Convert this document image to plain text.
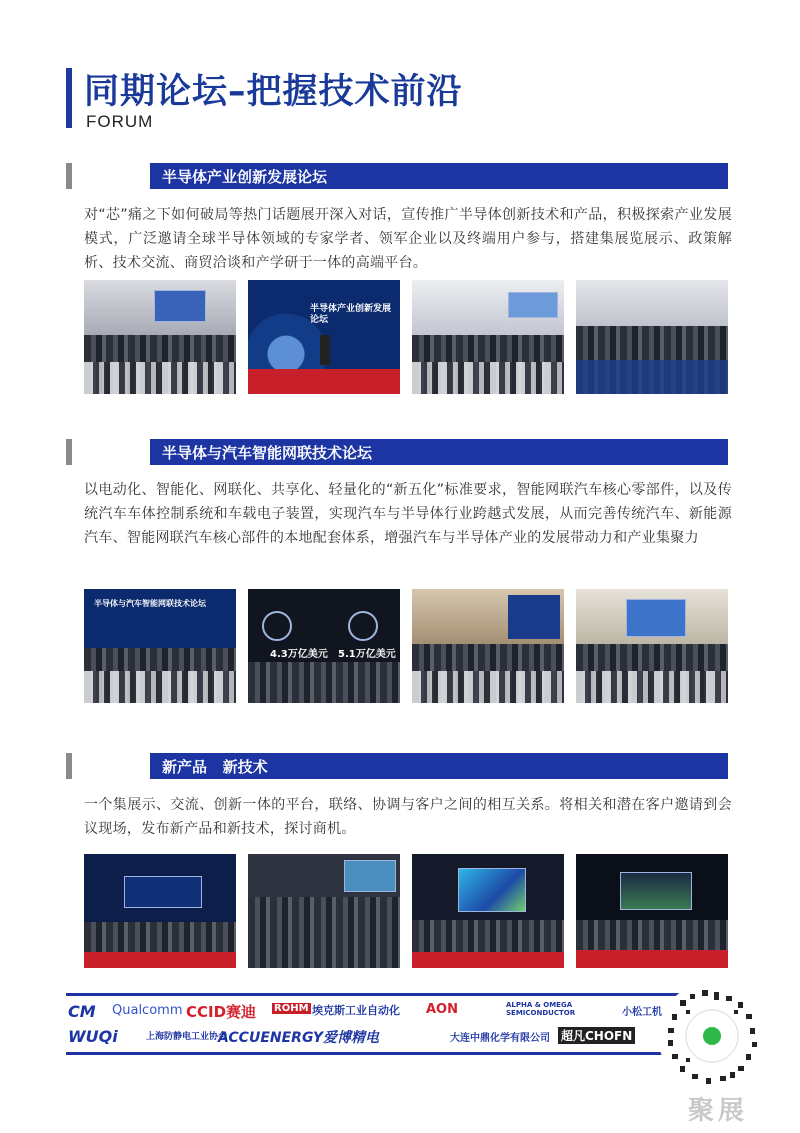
同期论坛–把握技术前沿
FORUM
半导体产业创新发展论坛
对“芯”痛之下如何破局等热门话题展开深入对话，宣传推广半导体创新技术和产品，积极探索产业发展模式，广泛邀请全球半导体领域的专家学者、领军企业以及终端用户参与，搭建集展览展示、政策解析、技术交流、商贸洽谈和产学研于一体的高端平台。
半导体产业创新发展论坛
半导体与汽车智能网联技术论坛
以电动化、智能化、网联化、共享化、轻量化的“新五化”标准要求，智能网联汽车核心零部件，以及传统汽车车体控制系统和车载电子装置，实现汽车与半导体行业跨越式发展，从而完善传统汽车、新能源汽车、智能网联汽车核心部件的本地配套体系，增强汽车与半导体产业的发展带动力和产业集聚力
半导体与汽车智能网联技术论坛
4.3万亿美元 5.1万亿美元
新产品   新技术
一个集展示、交流、创新一体的平台，联络、协调与客户之间的相互关系。将相关和潜在客户邀请到会议现场，发布新产品和新技术，探讨商机。
CM Qualcomm CCID赛迪 ROHM 埃克斯工业自动化 AON	ALPHA & OMEGA SEMICONDUCTOR	小松工机
WUQi	上海防静电工业协会
ACCUENERGY爱博精电	大连中鼎化学有限公司 超凡CHOFN
聚展
